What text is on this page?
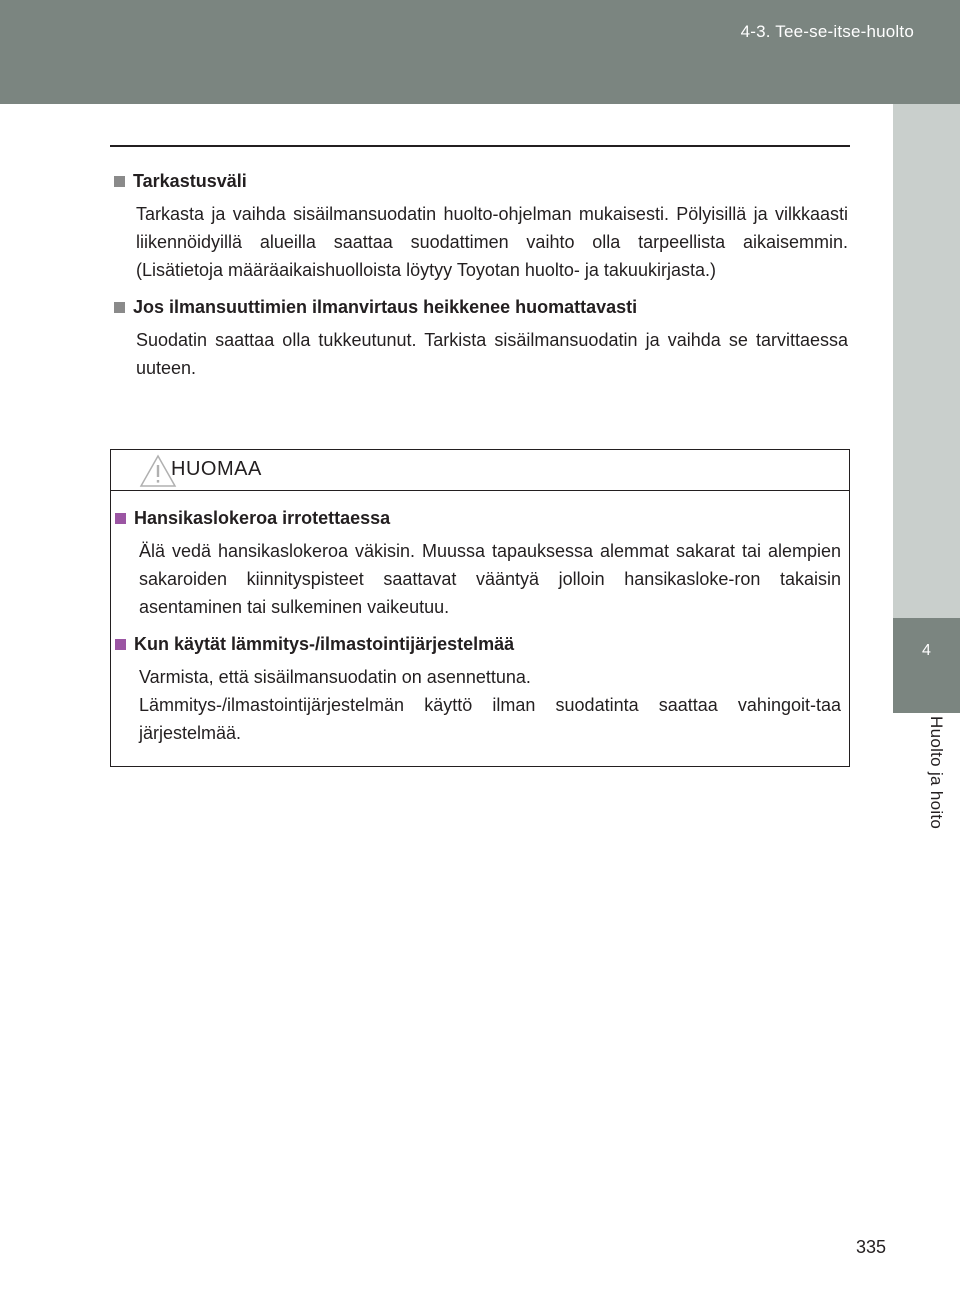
4-3. Tee-se-itse-huolto
4
Huolto ja hoito
Tarkastusväli

Tarkasta ja vaihda sisäilmansuodatin huolto-ohjelman mukaisesti. Pölyisillä ja vilkkaasti liikennöidyillä alueilla saattaa suodattimen vaihto olla tarpeellista aikaisemmin. (Lisätietoja määräaikaishuolloista löytyy Toyotan huolto- ja takuukirjasta.)

Jos ilmansuuttimien ilmanvirtaus heikkenee huomattavasti

Suodatin saattaa olla tukkeutunut. Tarkista sisäilmansuodatin ja vaihda se tarvittaessa uuteen.

HUOMAA
Hansikaslokeroa irrotettaessa

Älä vedä hansikaslokeroa väkisin. Muussa tapauksessa alemmat sakarat tai alempien sakaroiden kiinnityspisteet saattavat vääntyä jolloin hansikasloke-ron takaisin asentaminen tai sulkeminen vaikeutuu.

Kun käytät lämmitys-/ilmastointijärjestelmää

Varmista, että sisäilmansuodatin on asennettuna.

Lämmitys-/ilmastointijärjestelmän käyttö ilman suodatinta saattaa vahingoit-taa järjestelmää.

335
